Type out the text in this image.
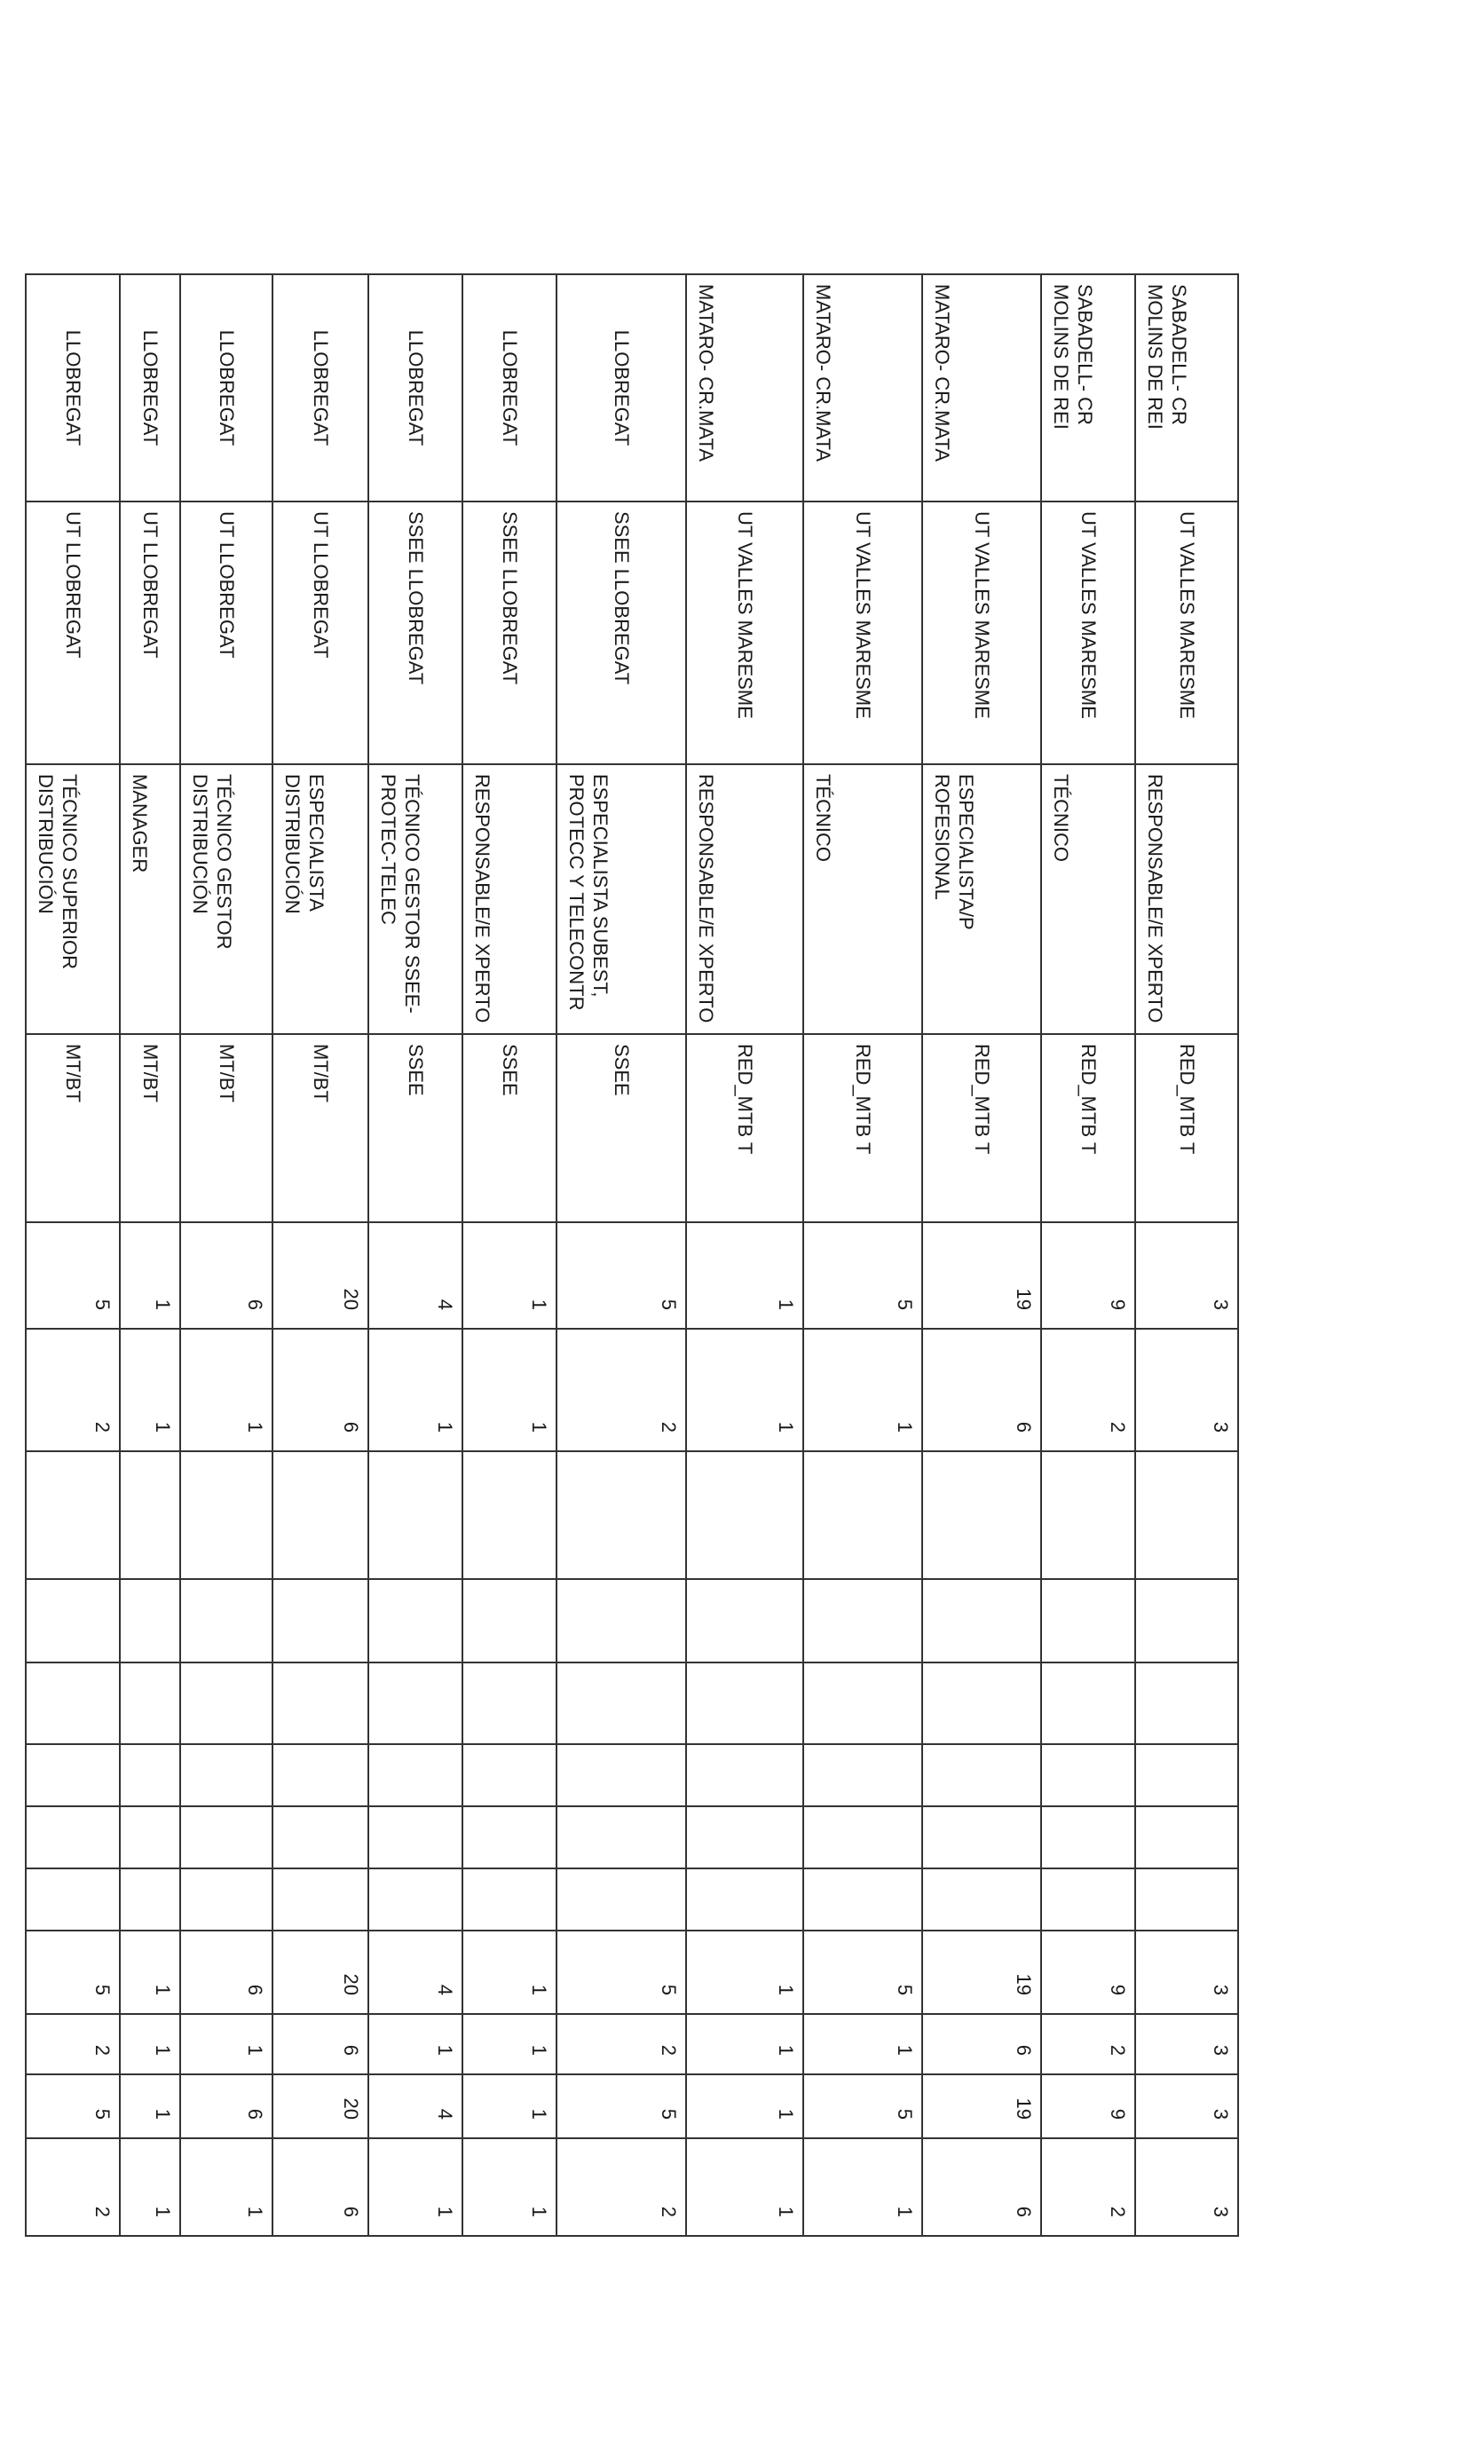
SABADELL- CR MOLINS DE REI	UT VALLES MARESME	RESPONSABLE/E XPERTO	RED_MTB T	3	3							3	3	3	3
SABADELL- CR MOLINS DE REI	UT VALLES MARESME	TÉCNICO	RED_MTB T	9	2							9	2	9	2
MATARO- CR.MATA	UT VALLES MARESME	ESPECIALISTA/P ROFESIONAL	RED_MTB T	19	6							19	6	19	6
MATARO- CR.MATA	UT VALLES MARESME	TÉCNICO	RED_MTB T	5	1							5	1	5	1
MATARO- CR.MATA	UT VALLES MARESME	RESPONSABLE/E XPERTO	RED_MTB T	1	1							1	1	1	1
LLOBREGAT	SSEE LLOBREGAT	ESPECIALISTA SUBEST, PROTECC Y TELECONTR	SSEE	5	2							5	2	5	2
LLOBREGAT	SSEE LLOBREGAT	RESPONSABLE/E XPERTO	SSEE	1	1							1	1	1	1
LLOBREGAT	SSEE LLOBREGAT	TÉCNICO GESTOR SSEE- PROTEC-TELEC	SSEE	4	1							4	1	4	1
LLOBREGAT	UT LLOBREGAT	ESPECIALISTA DISTRIBUCIÓN	MT/BT	20	6							20	6	20	6
LLOBREGAT	UT LLOBREGAT	TÉCNICO GESTOR DISTRIBUCIÓN	MT/BT	6	1							6	1	6	1
LLOBREGAT	UT LLOBREGAT	MANAGER	MT/BT	1	1							1	1	1	1
LLOBREGAT	UT LLOBREGAT	TÉCNICO SUPERIOR DISTRIBUCIÓN	MT/BT	5	2							5	2	5	2
